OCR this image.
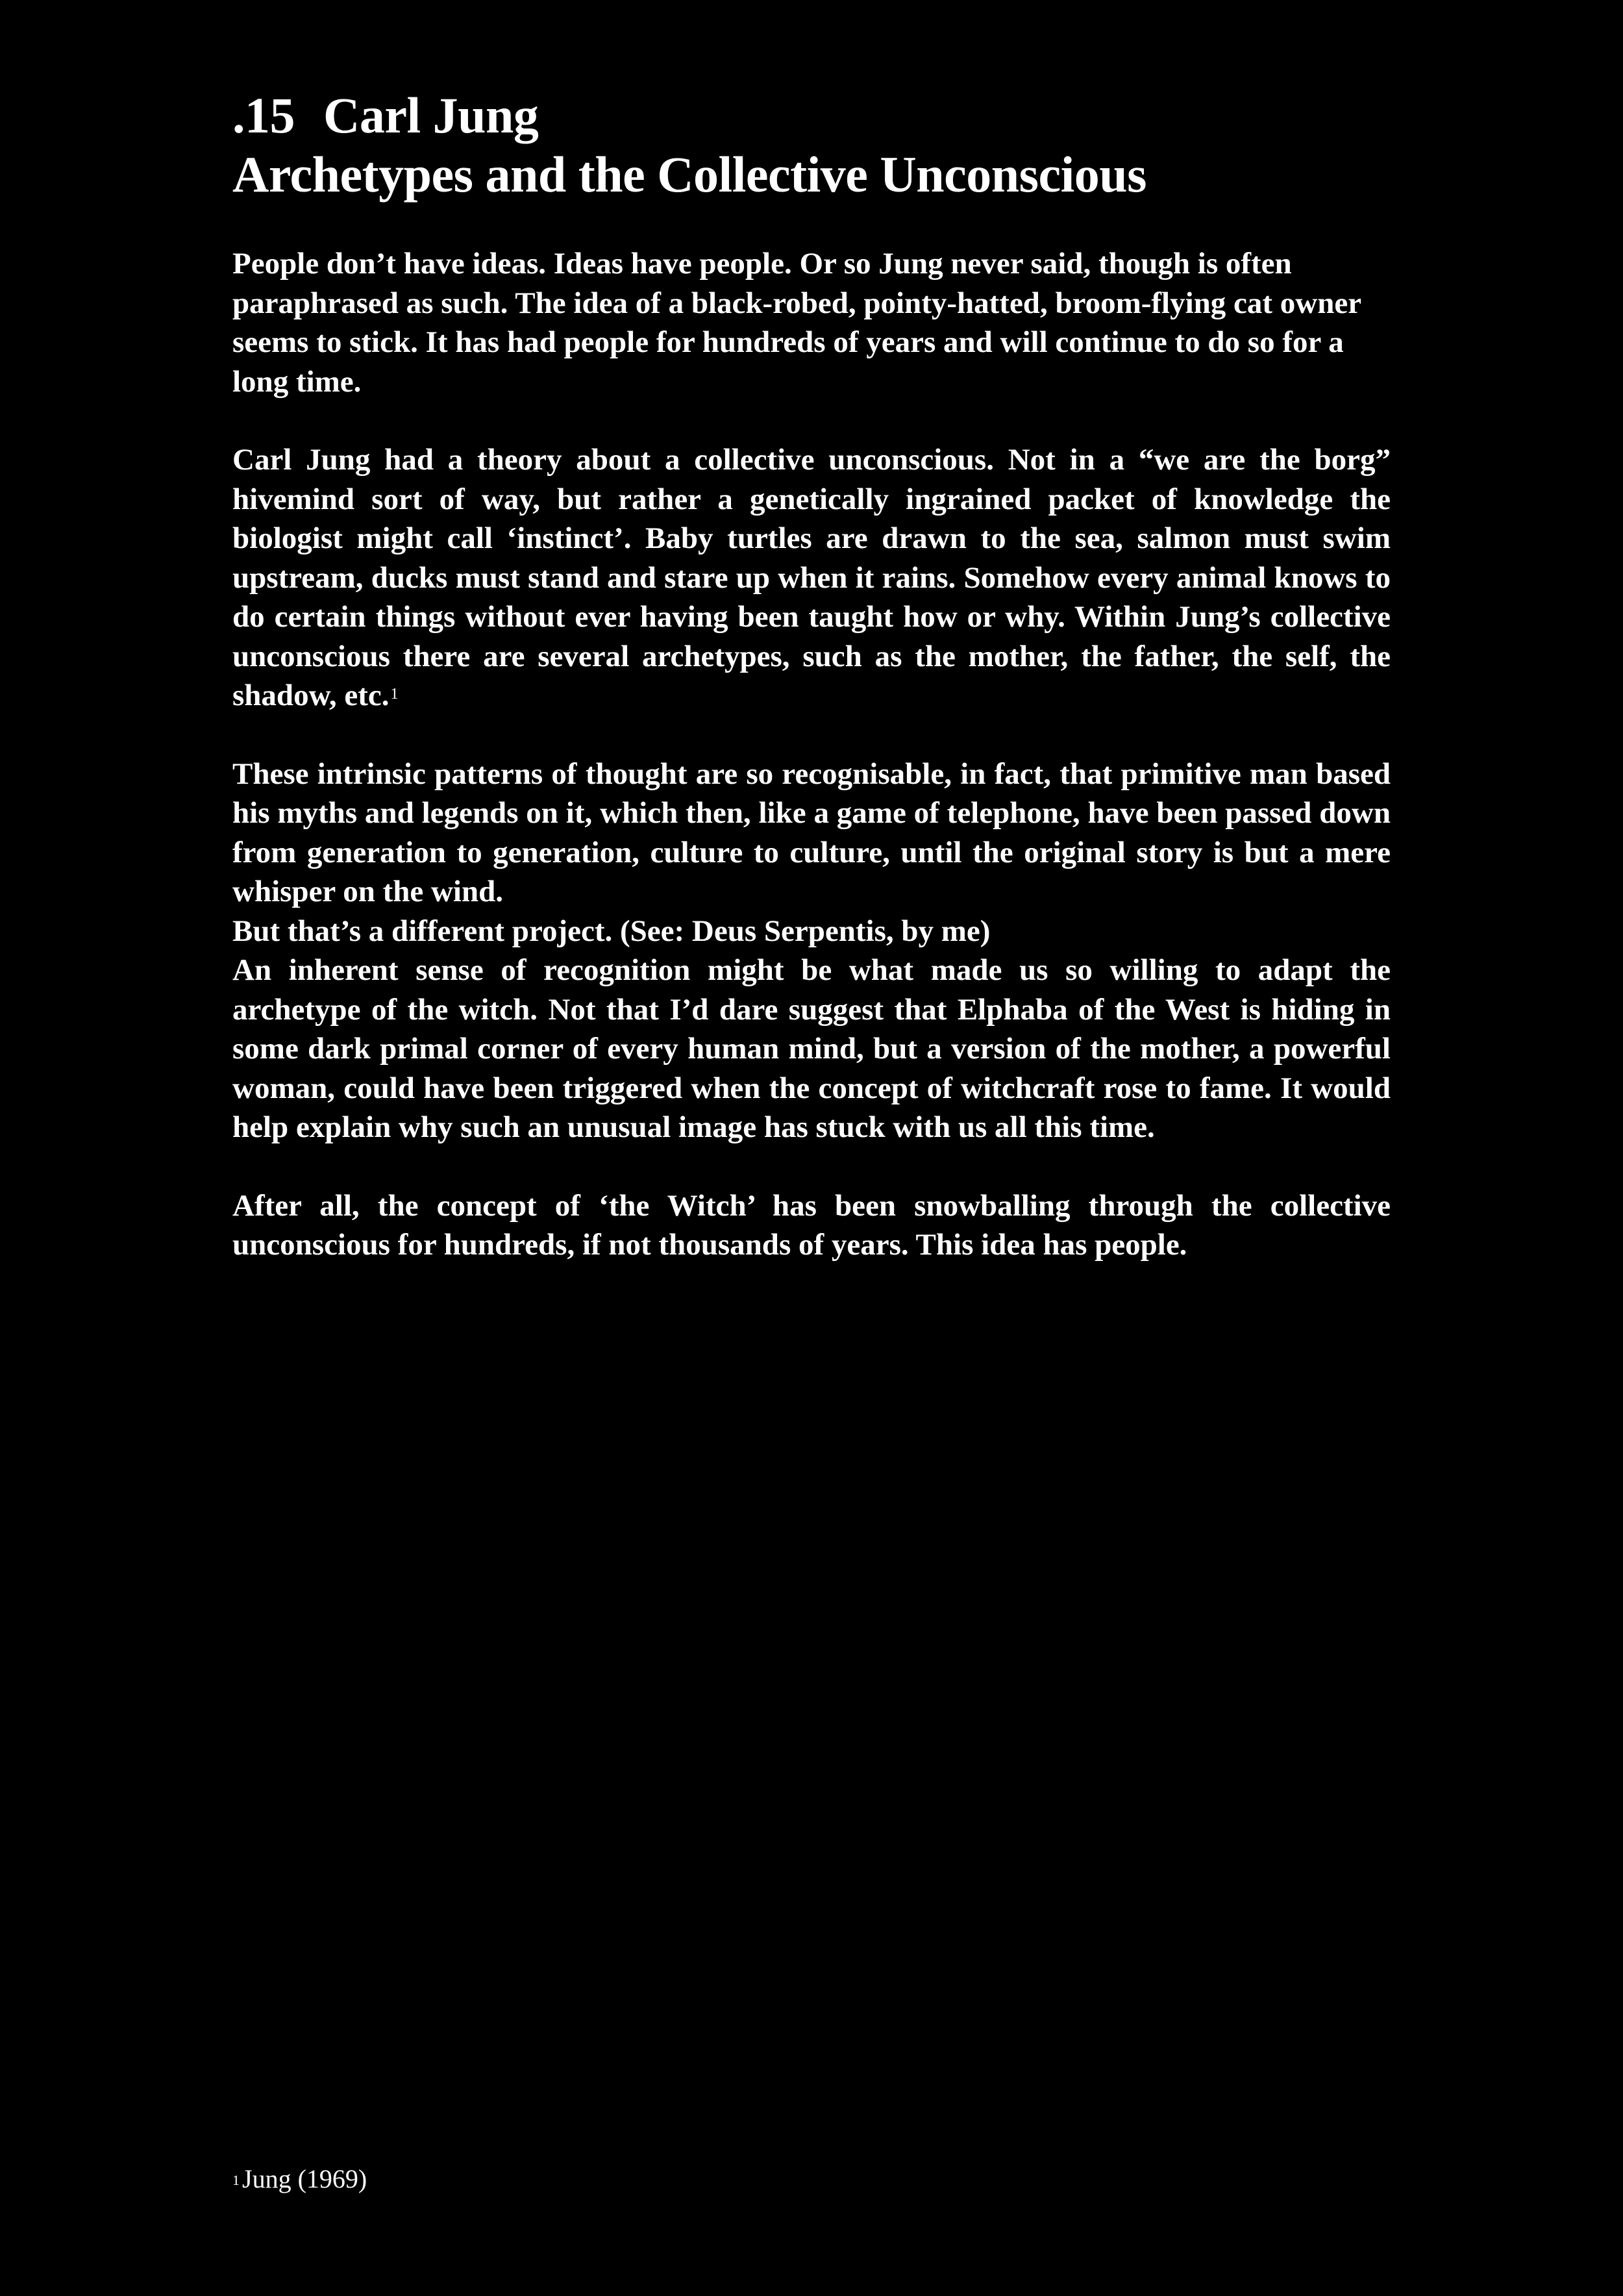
.15 Carl Jung
Archetypes and the Collective Unconscious

People don’t have ideas. Ideas have people. Or so Jung never said, though is often paraphrased as such. The idea of a black-robed, pointy-hatted, broom-flying cat owner seems to stick. It has had people for hundreds of years and will continue to do so for a long time.

Carl Jung had a theory about a collective unconscious. Not in a “we are the borg” hivemind sort of way, but rather a genetically ingrained packet of knowledge the biologist might call ‘instinct’. Baby turtles are drawn to the sea, salmon must swim upstream, ducks must stand and stare up when it rains. Somehow every animal knows to do certain things without ever having been taught how or why. Within Jung’s collective unconscious there are several archetypes, such as the mother, the father, the self, the shadow, etc.$^1$

These intrinsic patterns of thought are so recognisable, in fact, that primitive man based his myths and legends on it, which then, like a game of telephone, have been passed down from generation to generation, culture to culture, until the original story is but a mere whisper on the wind.

But that’s a different project. (See: Deus Serpentis, by me)

An inherent sense of recognition might be what made us so willing to adapt the archetype of the witch. Not that I’d dare suggest that Elphaba of the West is hiding in some dark primal corner of every human mind, but a version of the mother, a powerful woman, could have been triggered when the concept of witchcraft rose to fame. It would help explain why such an unusual image has stuck with us all this time.

After all, the concept of ‘the Witch’ has been snowballing through the collective unconscious for hundreds, if not thousands of years. This idea has people.

$^1$ Jung (1969)
